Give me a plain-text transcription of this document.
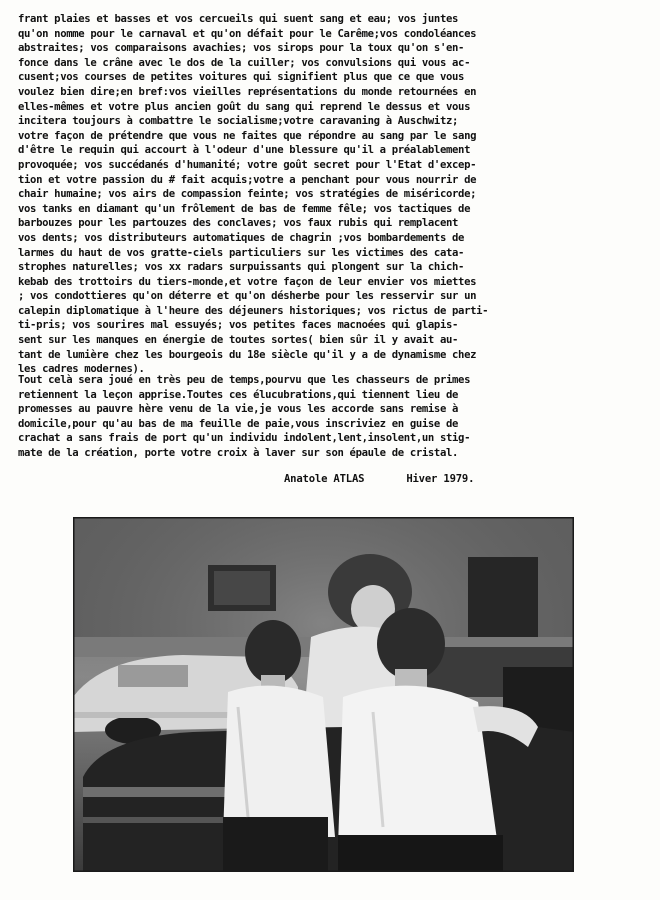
frant plaies et basses et vos cercueils qui suent sang et eau; vos juntes
qu'on nomme pour le carnaval et qu'on défait pour le Carême;vos condoléances
abstraites; vos comparaisons avachies; vos sirops pour la toux qu'on s'en-
fonce dans le crâne avec le dos de la cuiller; vos convulsions qui vous ac-
cusent;vos courses de petites voitures qui signifient plus que ce que vous
voulez bien dire;en bref:vos vieilles représentations du monde retournées en
elles-mêmes et votre plus ancien goût du sang qui reprend le dessus et vous
incitera toujours à combattre le socialisme;votre caravaning à Auschwitz;
votre façon de prétendre que vous ne faites que répondre au sang par le sang
d'être le requin qui accourt à l'odeur d'une blessure qu'il a préalablement
provoquée; vos succédanés d'humanité; votre goût secret pour l'Etat d'excep-
tion et votre passion du # fait acquis;votre a penchant pour vous nourrir de
chair humaine; vos airs de compassion feinte; vos stratégies de miséricorde;
vos tanks en diamant qu'un frôlement de bas de femme fêle; vos tactiques de
barbouzes pour les partouzes des conclaves; vos faux rubis qui remplacent
vos dents; vos distributeurs automatiques de chagrin ;vos bombardements de
larmes du haut de vos gratte-ciels particuliers sur les victimes des cata-
strophes naturelles; vos xx radars surpuissants qui plongent sur la chich-
kebab des trottoirs du tiers-monde,et votre façon de leur envier vos miettes
; vos condottieres qu'on déterre et qu'on désherbe pour les resservir sur un
calepin diplomatique à l'heure des déjeuners historiques; vos rictus de parti-
ti-pris; vos sourires mal essuyés; vos petites faces macnoées qui glapis-
sent sur les manques en énergie de toutes sortes( bien sûr il y avait au-
tant de lumière chez les bourgeois du 18e siècle qu'il y a de dynamisme chez
les cadres modernes).
Tout celà sera joué en très peu de temps,pourvu que les chasseurs de primes
retiennent la leçon apprise.Toutes ces élucubrations,qui tiennent lieu de
promesses au pauvre hère venu de la vie,je vous les accorde sans remise à
domicile,pour qu'au bas de ma feuille de paie,vous inscriviez en guise de
crachat a sans frais de port qu'un individu indolent,lent,insolent,un stig-
mate de la création, porte votre croix à laver sur son épaule de cristal.
Anatole ATLAS	Hiver 1979.
